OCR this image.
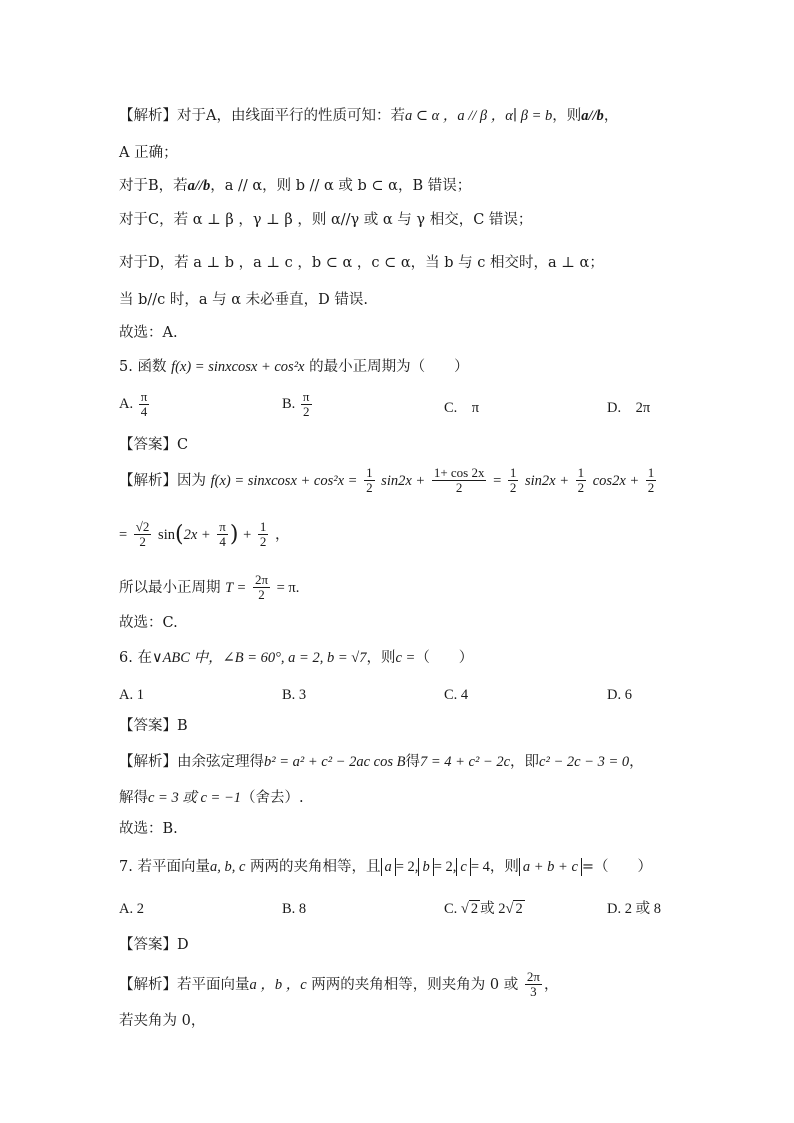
【解析】对于A，由线面平行的性质可知：若a ⊂ α ，a // β ，α∣ β = b，则a//b，
A 正确；
对于B，若a//b，a // α，则 b // α 或 b ⊂ α，B 错误；
对于C，若 α ⊥ β ，γ ⊥ β ，则 α//γ 或 α 与 γ 相交，C 错误；
对于D，若 a ⊥ b ，a ⊥ c ，b ⊂ α ，c ⊂ α，当 b 与 c 相交时，a ⊥ α；
当 b//c 时，a 与 α 未必垂直，D 错误.
故选：A.
5. 函数 f(x) = sinxcosx + cos²x 的最小正周期为（　　）
A. $\frac{\pi}{4}$	B. $\frac{\pi}{2}$	C.　π	D.　2π
【答案】C
【解析】因为 f(x) = sinxcosx + $\cos^2x = \frac{1}{2} \sin 2x + \frac{1+ \cos 2x}{2} = \frac{1}{2} \sin 2x + \frac{1}{2} \cos 2x + \frac{1}{2}$
= $\frac{√2}{2} \sin(2x + \frac{\pi}{4}$ ) + $\frac{1}{2}$ ，
所以最小正周期 $T = \frac{2\pi}{2} = \pi$.
故选：C.
6. 在∨ABC 中，∠B = 60°, a = 2, b = √7，则c =（　　）
A. 1	B. 3	C. 4	D. 6
【答案】B
【解析】由余弦定理得b² = a² + c² − 2ac cos B得7 = 4 + c² − 2c，即c² − 2c − 3 = 0，
解得c = 3 或 c = −1（舍去）.
故选：B.
7. 若平面向量a, b, c 两两的夹角相等，且 a = 2, b = 2, c = 4，则 a + b + c =（　　）
A. 2	B. 8	C. √ 2 或 2√ 2	D. 2 或 8
【答案】D
【解析】若平面向量a ，b ，c 两两的夹角相等，则夹角为 0 或 $\frac{2\pi}{3}$ ，
若夹角为 0，
